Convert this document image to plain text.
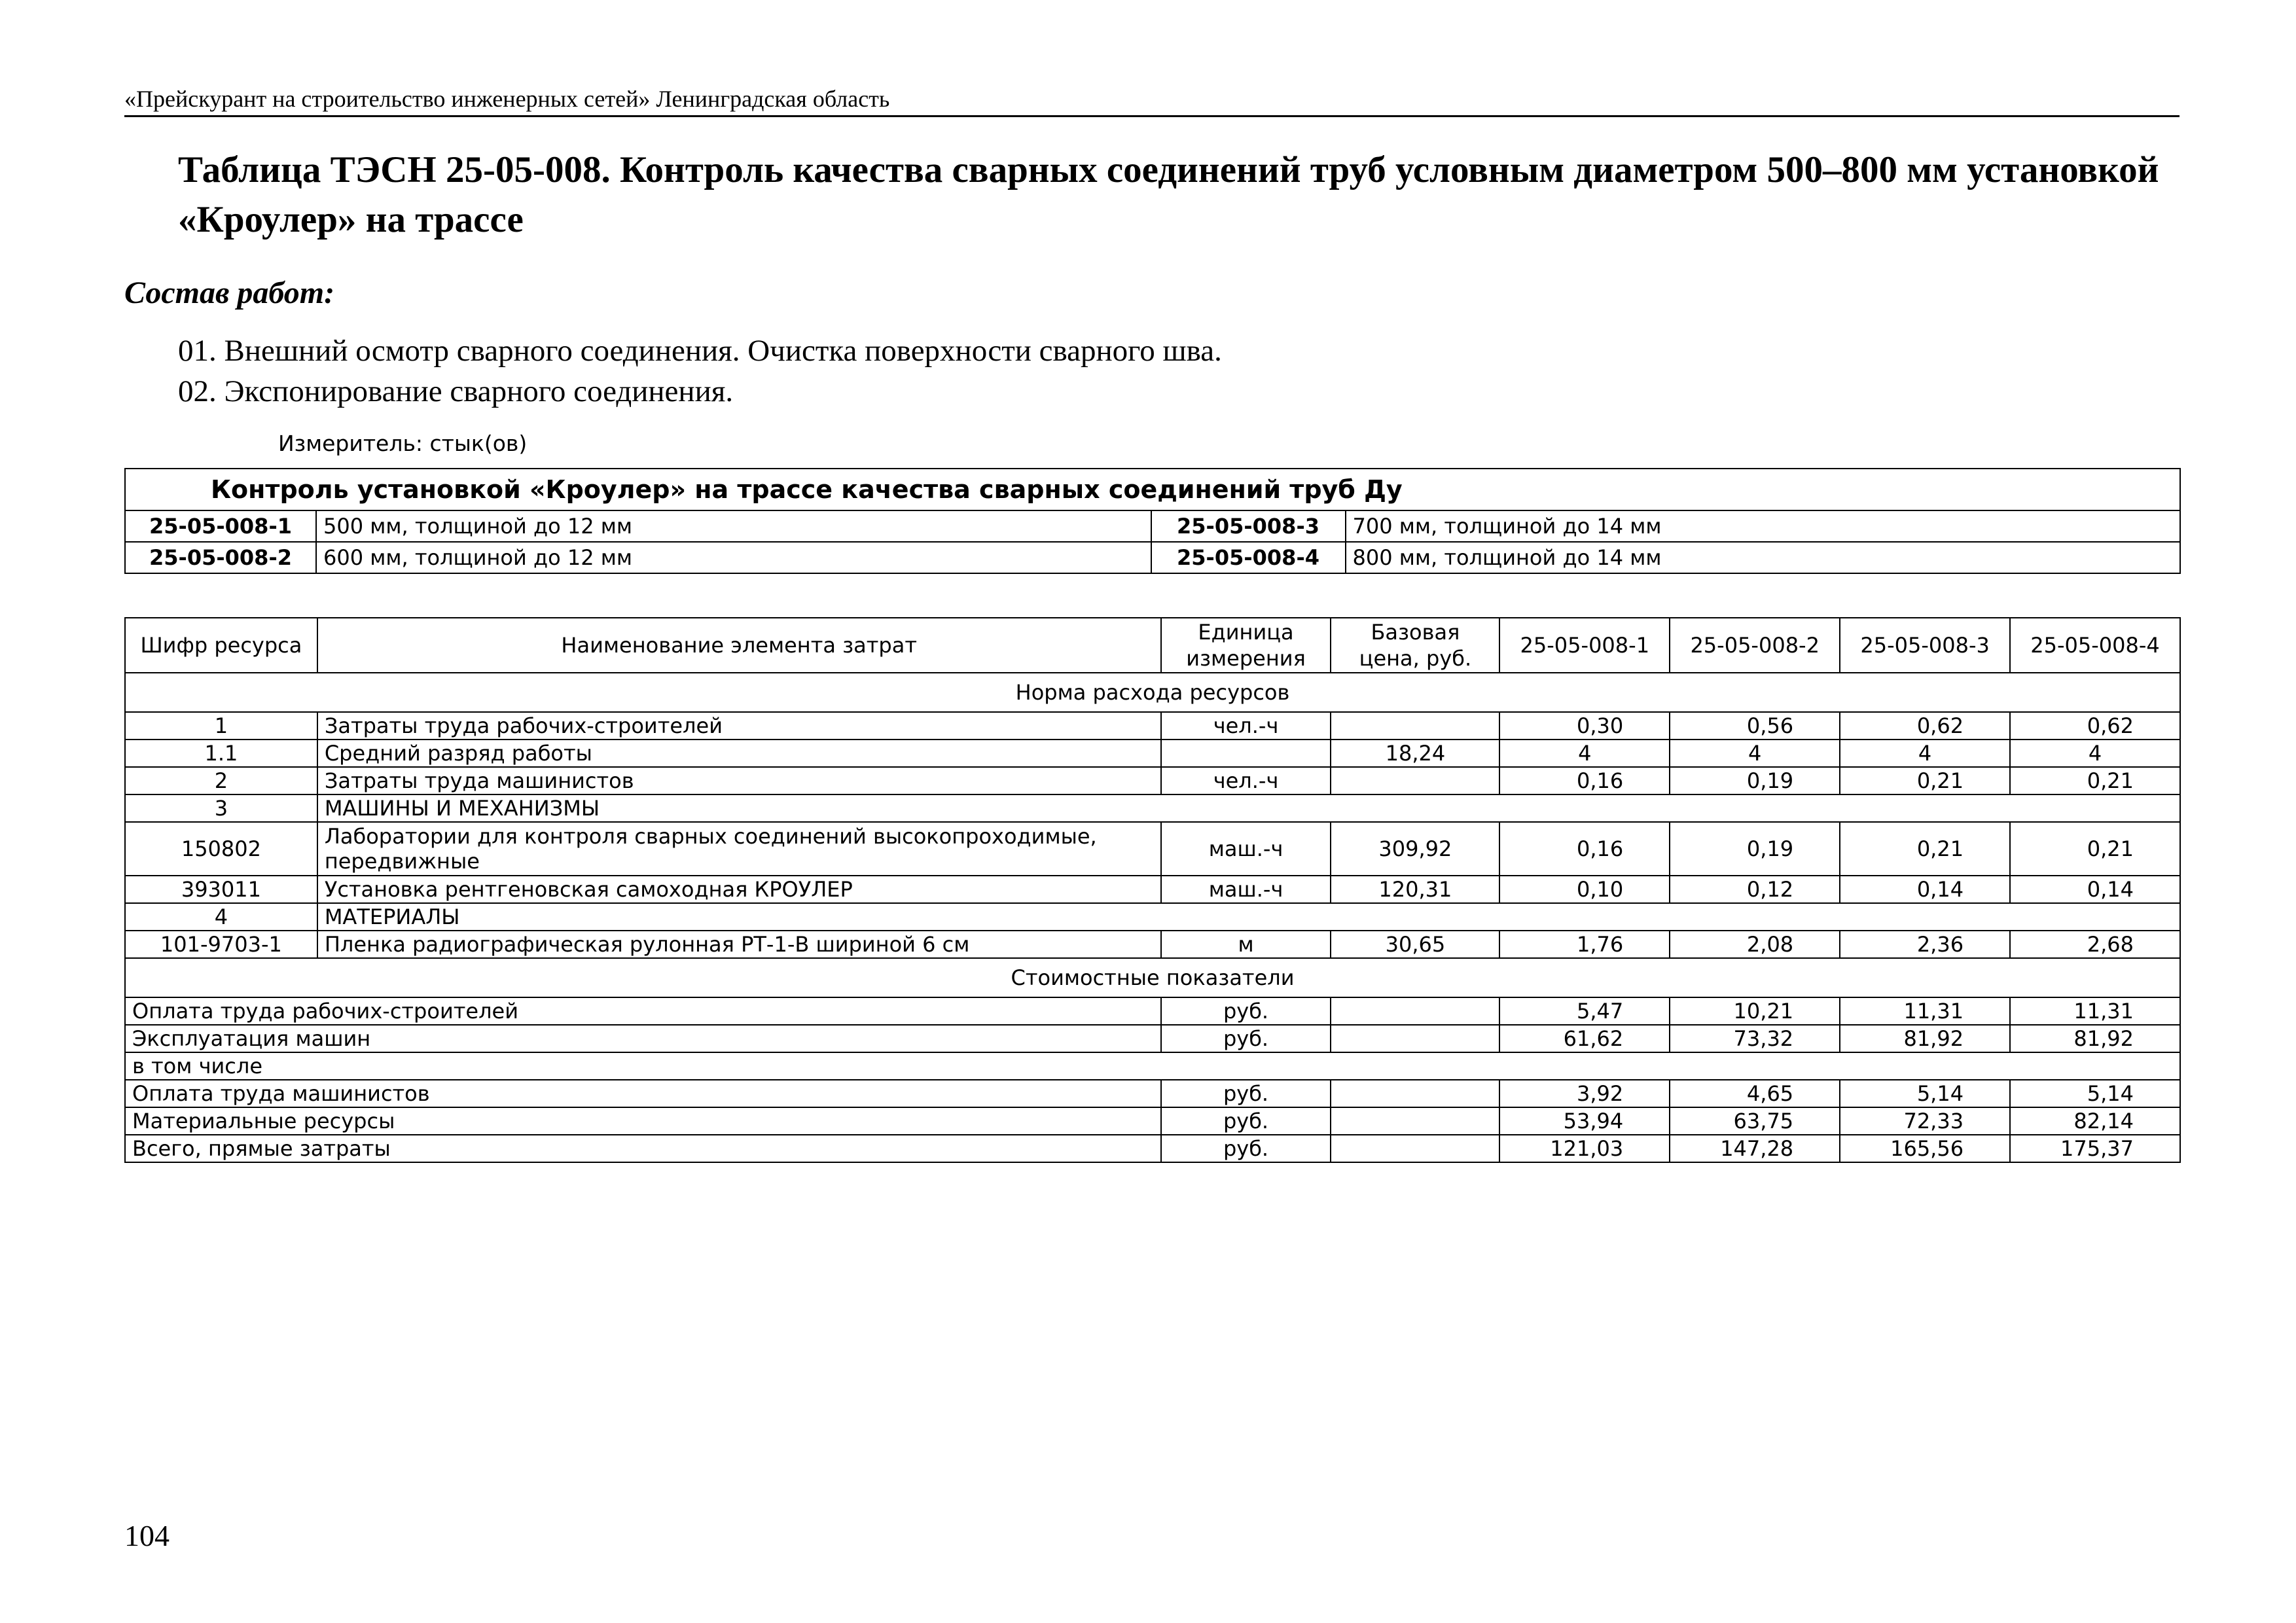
«Прейскурант на строительство инженерных сетей» Ленинградская область
Таблица ТЭСН 25-05-008. Контроль качества сварных соединений труб условным диаметром 500–800 мм установкой «Кроулер» на трассе
Состав работ:
01. Внешний осмотр сварного соединения. Очистка поверхности сварного шва.
02. Экспонирование сварного соединения.
Измеритель: стык(ов)
Контроль установкой «Кроулер» на трассе качества сварных соединений труб Ду			
25-05-008-1	500 мм, толщиной до 12 мм	25-05-008-3	700 мм, толщиной до 14 мм
25-05-008-2	600 мм, толщиной до 12 мм	25-05-008-4	800 мм, толщиной до 14 мм
Шифр ресурса	Наименование элемента затрат	Единица измерения	Базовая цена, руб.	25-05-008-1	25-05-008-2	25-05-008-3	25-05-008-4
Норма расхода ресурсов							
1	Затраты труда рабочих-строителей	чел.-ч		0,30	0,56	0,62	0,62
1.1	Средний разряд работы		18,24	4	4	4	4
2	Затраты труда машинистов	чел.-ч		0,16	0,19	0,21	0,21
3	МАШИНЫ И МЕХАНИЗМЫ						
150802	Лаборатории для контроля сварных соединений высокопроходимые, передвижные	маш.-ч	309,92	0,16	0,19	0,21	0,21
393011	Установка рентгеновская самоходная КРОУЛЕР	маш.-ч	120,31	0,10	0,12	0,14	0,14
4	МАТЕРИАЛЫ						
101-9703-1	Пленка радиографическая рулонная РТ-1-В шириной 6 см	м	30,65	1,76	2,08	2,36	2,68
Стоимостные показатели							
Оплата труда рабочих-строителей		руб.		5,47	10,21	11,31	11,31
Эксплуатация машин		руб.		61,62	73,32	81,92	81,92
в том числе							
Оплата труда машинистов		руб.		3,92	4,65	5,14	5,14
Материальные ресурсы		руб.		53,94	63,75	72,33	82,14
Всего, прямые затраты		руб.		121,03	147,28	165,56	175,37
104
